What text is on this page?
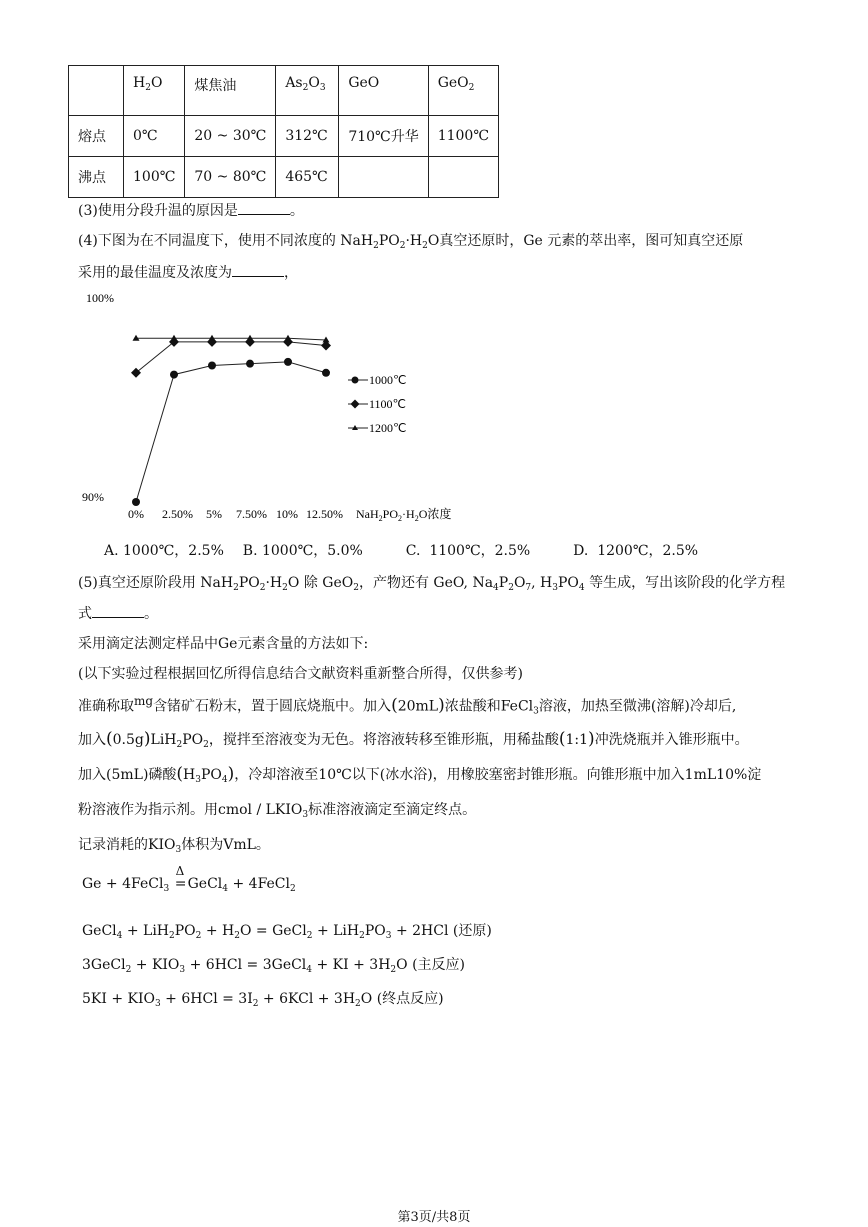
	$H_2O$	煤焦油	$As_2O_3$	GeO	GeO$_2$
熔点	0℃	20 ~ 30℃	312℃	710℃升华	1100℃
沸点	100℃	70 ~ 80℃	465℃		
(3)使用分段升温的原因是	。
(4)下图为在不同温度下，使用不同浓度的 $NaH_2PO_2\cdot H_2O$真空还原时，Ge 元素的萃出率，图可知真空还原
采用的最佳温度及浓度为	，
100%
90%
0% 2.50% 5% 7.50% 10% 12.50% $NaH_2PO_2\cdot H_2O$浓度
1000℃
1100℃
1200℃
A. 1000℃，2.5% B. 1000℃，5.0%	C. 1100℃，2.5%	D. 1200℃，2.5%
(5)真空还原阶段用 $NaH_2PO_2\cdot H_2O$ 除 GeO$_2$，产物还有 GeO, $Na_4P_2O_7$, $H_3PO_4$ 等生成，写出该阶段的化学方程
式	。
采用滴定法测定样品中Ge元素含量的方法如下:
(以下实验过程根据回忆所得信息结合文献资料重新整合所得，仅供参考)
准确称取$^{mg}$含锗矿石粉末，置于圆底烧瓶中。加入(20mL)浓盐酸和FeCl$_3$溶液，加热至微沸(溶解)冷却后,
加入$(0.5g)LiH_2PO_2$，搅拌至溶液变为无色。将溶液转移至锥形瓶，用稀盐酸(1:1)冲洗烧瓶并入锥形瓶中。
加入(5mL)磷酸$(H_3PO_4)$，冷却溶液至10℃以下(冰水浴)，用橡胶塞密封锥形瓶。向锥形瓶中加入1mL10%淀
粉溶液作为指示剂。用cmol / $LKIO_3$标准溶液滴定至滴定终点。
记录消耗的$KIO_3$体积为VmL。
Ge + 4FeCl$_3$
Δ
=GeCl$_4$ + 4FeCl$_2$
GeCl$_4$ + $LiH_2PO_2 + H_2O$ = GeCl$_2$ + $LiH_2PO_3 + 2HCl$ (还原)
3GeCl$_2$ + $KIO_3 + 6HCl$ = 3GeCl$_4$ + KI + $3H_2O$ (主反应)
$5KI + KIO_3 + 6HCl = 3I_2 + 6KCl + 3H_2O$ (终点反应)
第3页/共8页
